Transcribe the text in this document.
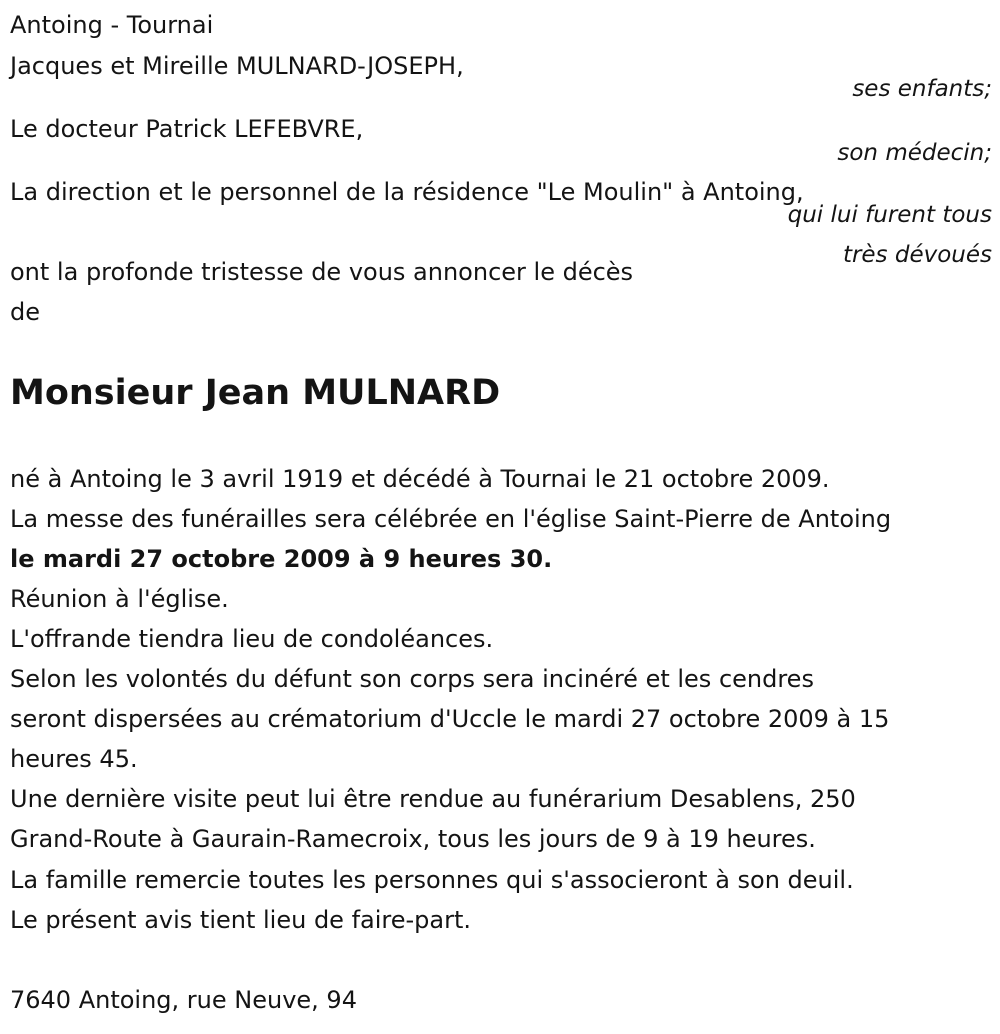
Antoing - Tournai
Jacques et Mireille MULNARD-JOSEPH,
ses enfants;
Le docteur Patrick LEFEBVRE,
son médecin;
La direction et le personnel de la résidence "Le Moulin" à Antoing,
qui lui furent tous
très dévoués
ont la profonde tristesse de vous annoncer le décès
de
Monsieur Jean MULNARD
né à Antoing le 3 avril 1919 et décédé à Tournai le 21 octobre 2009.
La messe des funérailles sera célébrée en l'église Saint-Pierre de Antoing
le mardi 27 octobre 2009 à 9 heures 30.
Réunion à l'église.
L'offrande tiendra lieu de condoléances.
Selon les volontés du défunt son corps sera incinéré et les cendres
seront dispersées au crématorium d'Uccle le mardi 27 octobre 2009 à 15
heures 45.
Une dernière visite peut lui être rendue au funérarium Desablens, 250
Grand-Route à Gaurain-Ramecroix, tous les jours de 9 à 19 heures.
La famille remercie toutes les personnes qui s'associeront à son deuil.
Le présent avis tient lieu de faire-part.
7640 Antoing, rue Neuve, 94
